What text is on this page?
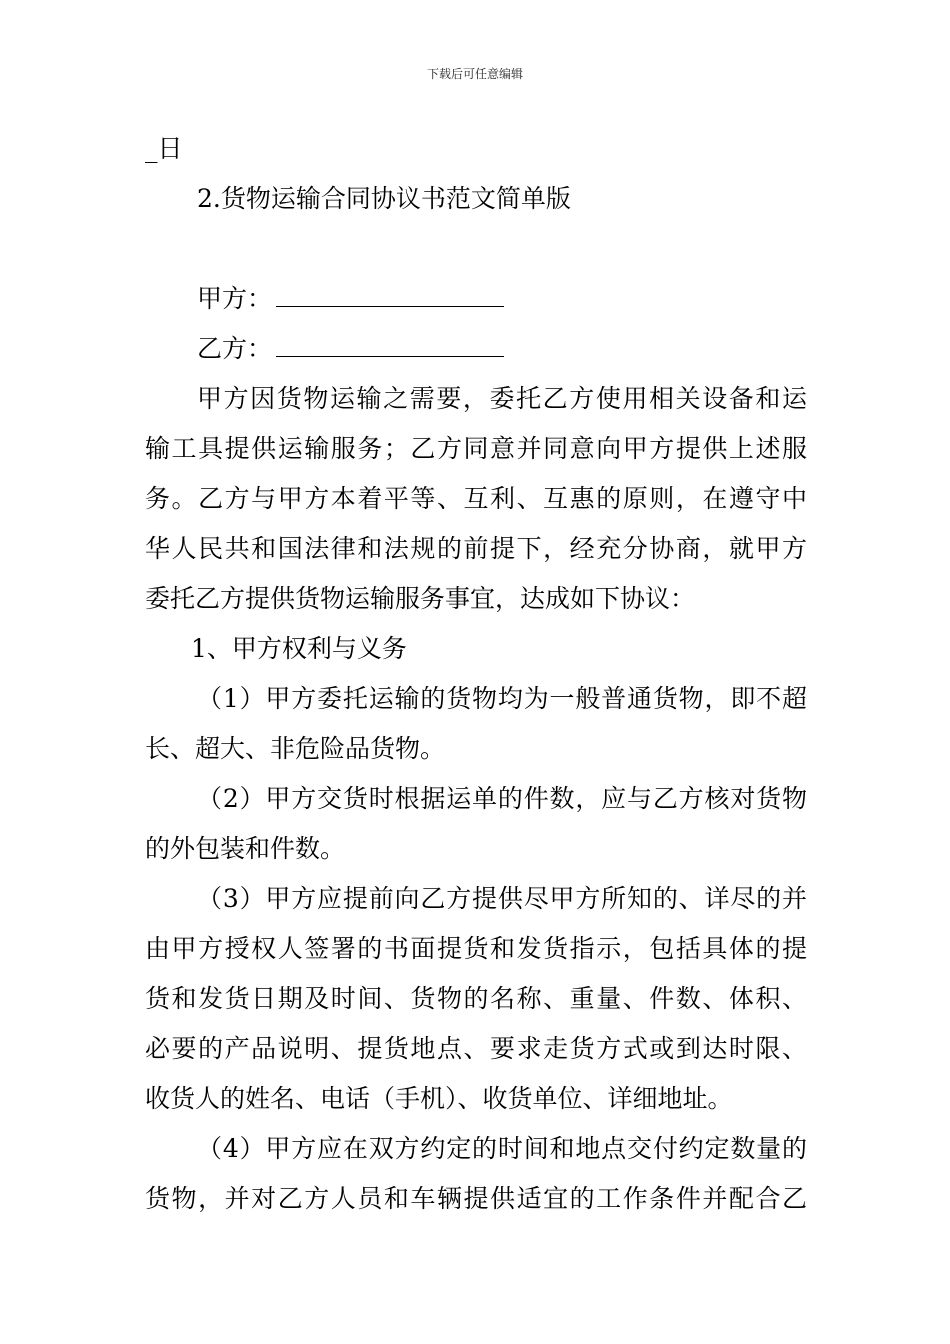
下载后可任意编辑
_日
2.货物运输合同协议书范文简单版
甲方：
乙方：
甲方因货物运输之需要，委托乙方使用相关设备和运
输工具提供运输服务；乙方同意并同意向甲方提供上述服
务。乙方与甲方本着平等、互利、互惠的原则，在遵守中
华人民共和国法律和法规的前提下，经充分协商，就甲方
委托乙方提供货物运输服务事宜，达成如下协议：
1、甲方权利与义务
（1）甲方委托运输的货物均为一般普通货物，即不超
长、超大、非危险品货物。
（2）甲方交货时根据运单的件数，应与乙方核对货物
的外包装和件数。
（3）甲方应提前向乙方提供尽甲方所知的、详尽的并
由甲方授权人签署的书面提货和发货指示，包括具体的提
货和发货日期及时间、货物的名称、重量、件数、体积、
必要的产品说明、提货地点、要求走货方式或到达时限、
收货人的姓名、电话（手机）、收货单位、详细地址。
（4）甲方应在双方约定的时间和地点交付约定数量的
货物，并对乙方人员和车辆提供适宜的工作条件并配合乙
